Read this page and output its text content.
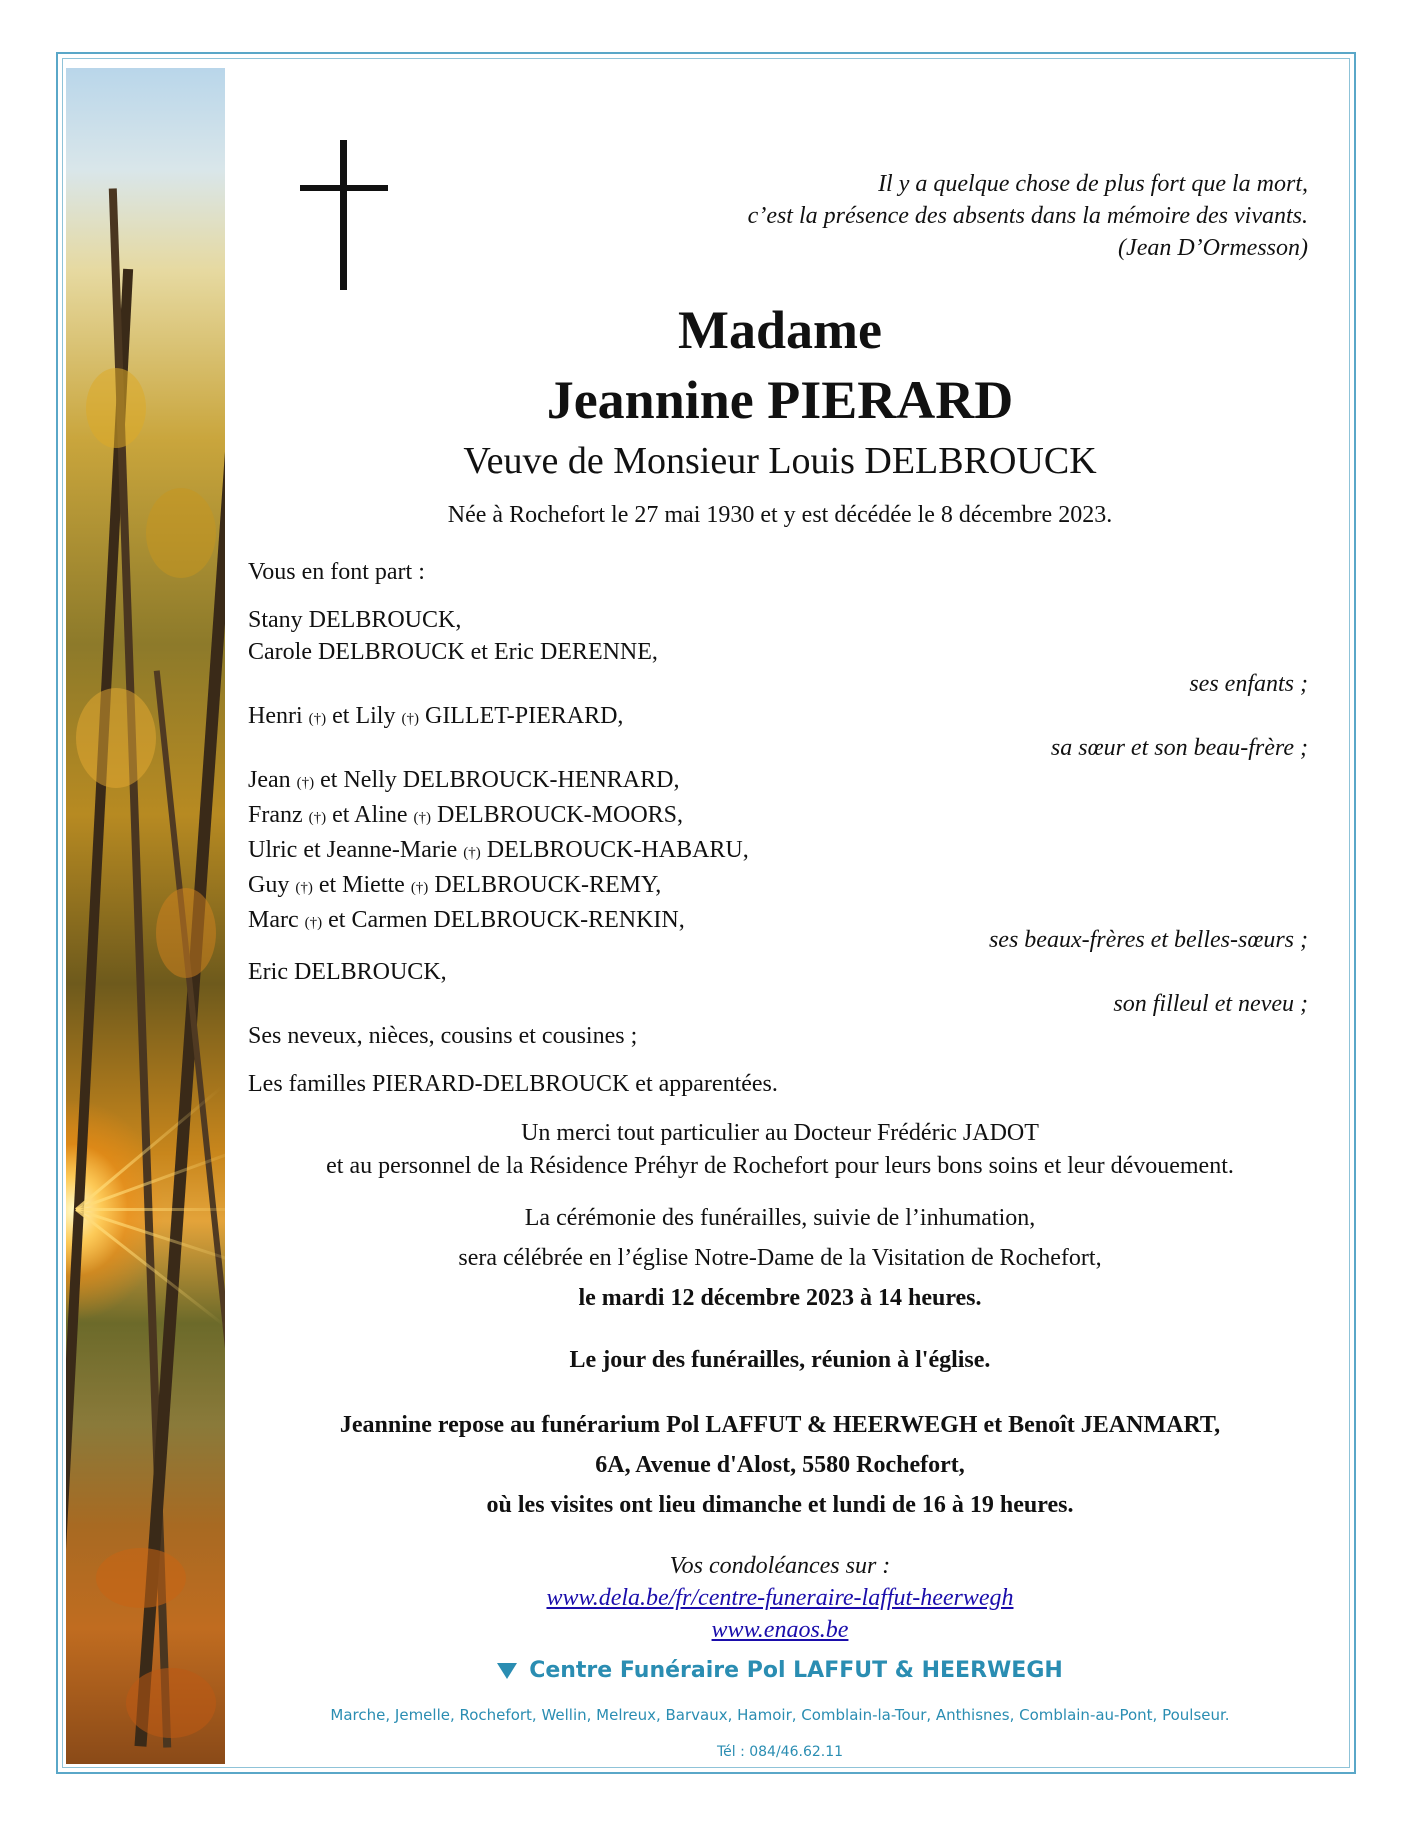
Il y a quelque chose de plus fort que la mort,
c’est la présence des absents dans la mémoire des vivants.
(Jean D’Ormesson)
Madame
Jeannine PIERARD
Veuve de Monsieur Louis DELBROUCK
Née à Rochefort le 27 mai 1930 et y est décédée le 8 décembre 2023.
Vous en font part :
Stany DELBROUCK,
Carole DELBROUCK et Eric DERENNE,
ses enfants ;
Henri (†) et Lily (†) GILLET-PIERARD,
sa sœur et son beau-frère ;
Jean (†) et Nelly DELBROUCK-HENRARD,
Franz (†) et Aline (†) DELBROUCK-MOORS,
Ulric et Jeanne-Marie (†) DELBROUCK-HABARU,
Guy (†) et Miette (†) DELBROUCK-REMY,
Marc (†) et Carmen DELBROUCK-RENKIN,
ses beaux-frères et belles-sœurs ;
Eric DELBROUCK,
son filleul et neveu ;
Ses neveux, nièces, cousins et cousines ;
Les familles PIERARD-DELBROUCK et apparentées.
Un merci tout particulier au Docteur Frédéric JADOT
et au personnel de la Résidence Préhyr de Rochefort pour leurs bons soins et leur dévouement.
La cérémonie des funérailles, suivie de l’inhumation,
sera célébrée en l’église Notre-Dame de la Visitation de Rochefort,
le mardi 12 décembre 2023 à 14 heures.
Le jour des funérailles, réunion à l'église.
Jeannine repose au funérarium Pol LAFFUT & HEERWEGH et Benoît JEANMART,
6A, Avenue d'Alost, 5580 Rochefort,
où les visites ont lieu dimanche et lundi de 16 à 19 heures.
Vos condoléances sur :
www.dela.be/fr/centre-funeraire-laffut-heerwegh
www.enaos.be
Centre Funéraire Pol LAFFUT & HEERWEGH
Marche, Jemelle, Rochefort, Wellin, Melreux, Barvaux, Hamoir, Comblain-la-Tour, Anthisnes, Comblain-au-Pont, Poulseur.
Tél : 084/46.62.11
